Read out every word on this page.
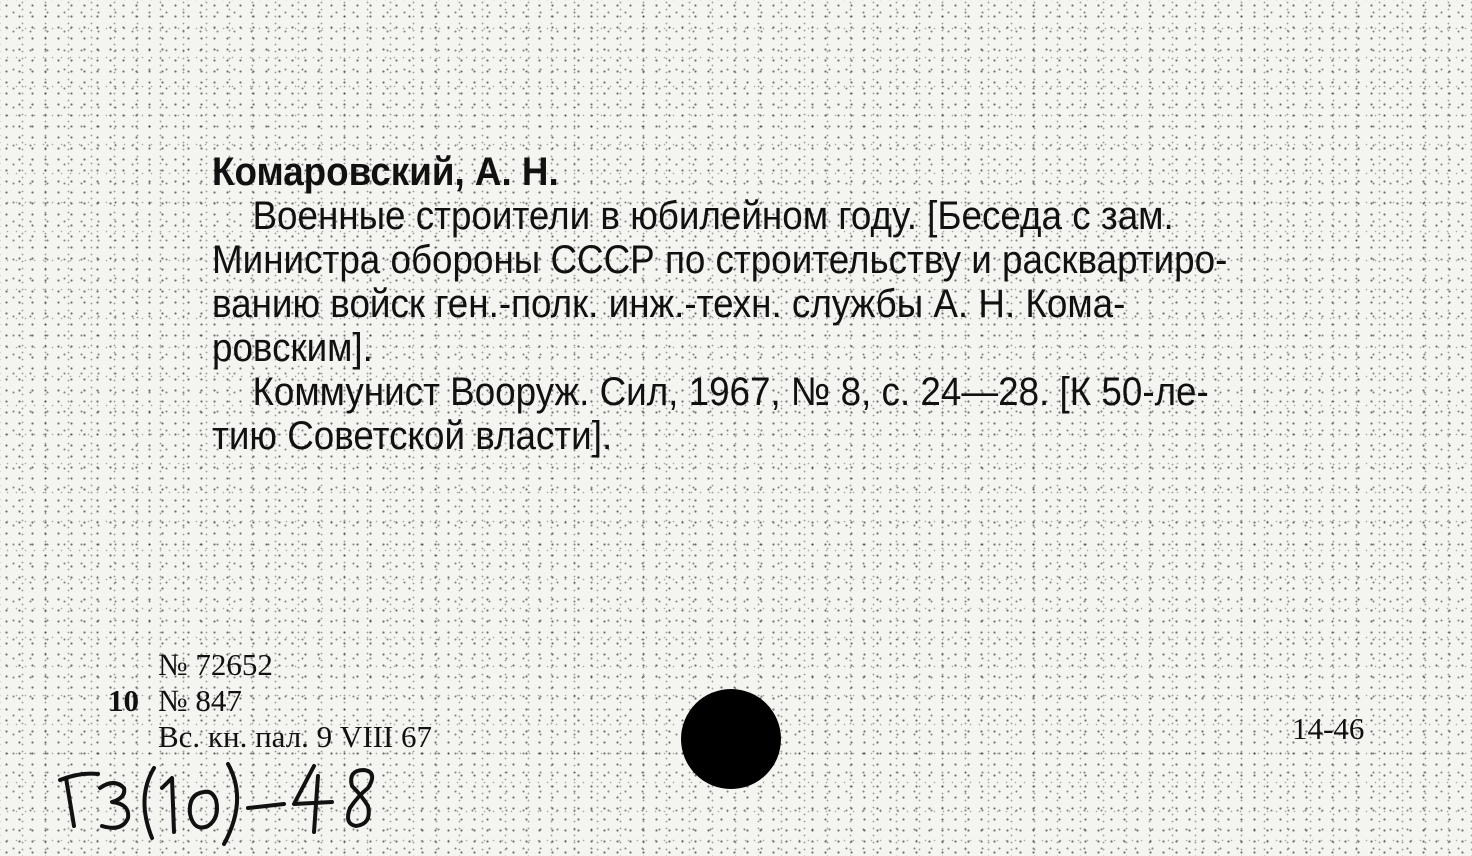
Комаровский, А. Н.
Военные строители в юбилейном году. [Беседа с зам.
Министра обороны СССР по строительству и расквартиро-
ванию войск ген.-полк. инж.-техн. службы А. Н. Кома-
ровским].
Коммунист Вооруж. Сил, 1967, № 8, с. 24—28. [К 50-ле-
тию Советской власти].
№ 72652
10 № 847
Вс. кн. пал. 9 VIII 67	14-46
